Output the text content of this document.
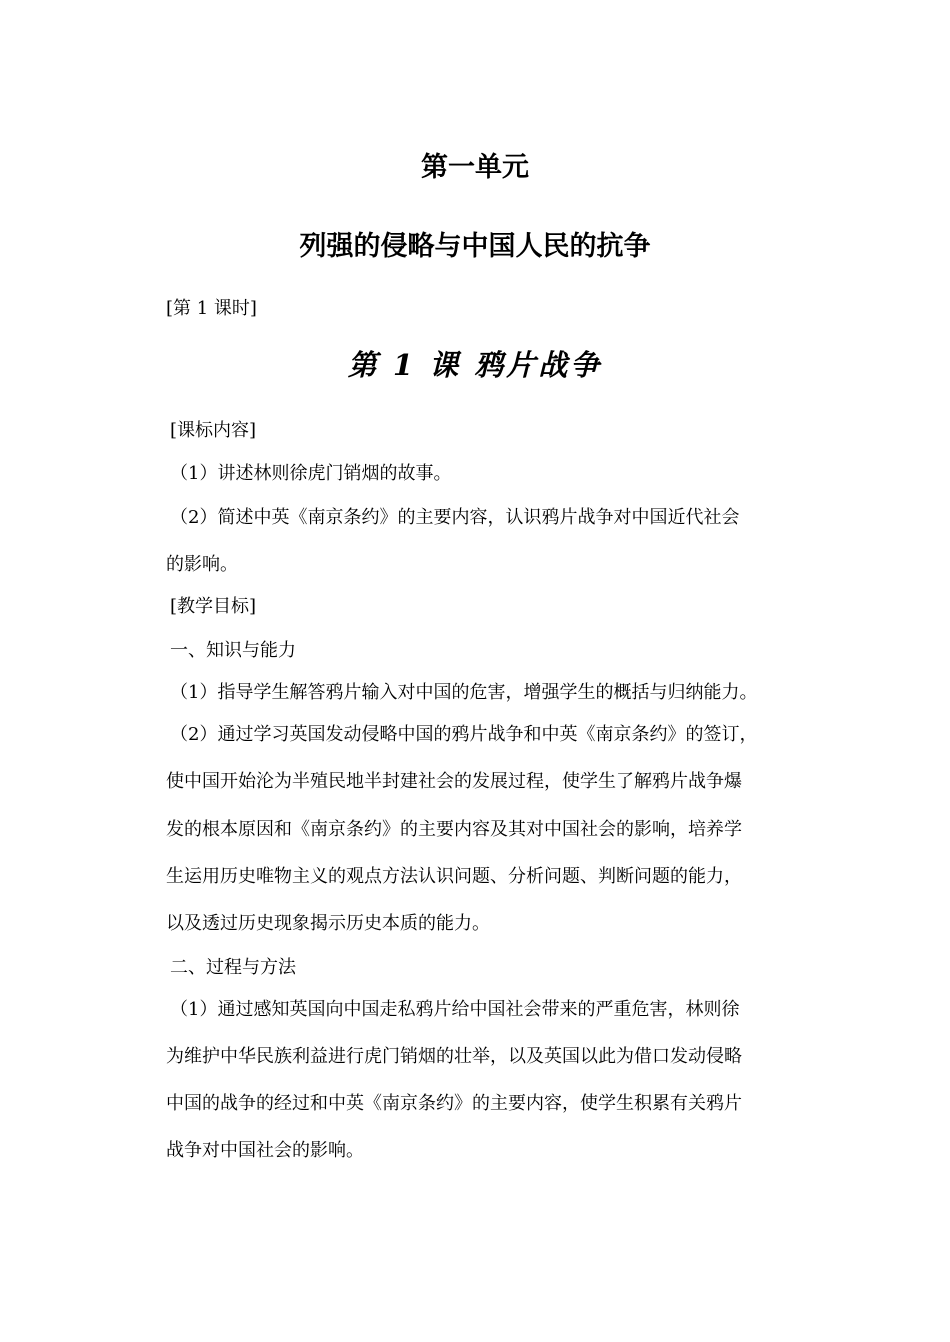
第一单元
列强的侵略与中国人民的抗争
[第 1 课时]
第 1 课 鸦片战争
[课标内容]
（1）讲述林则徐虎门销烟的故事。
（2）简述中英《南京条约》的主要内容，认识鸦片战争对中国近代社会
的影响。
[教学目标]
一、知识与能力
（1）指导学生解答鸦片输入对中国的危害，增强学生的概括与归纳能力。
（2）通过学习英国发动侵略中国的鸦片战争和中英《南京条约》的签订，
使中国开始沦为半殖民地半封建社会的发展过程，使学生了解鸦片战争爆
发的根本原因和《南京条约》的主要内容及其对中国社会的影响，培养学
生运用历史唯物主义的观点方法认识问题、分析问题、判断问题的能力，
以及透过历史现象揭示历史本质的能力。
二、过程与方法
（1）通过感知英国向中国走私鸦片给中国社会带来的严重危害，林则徐
为维护中华民族利益进行虎门销烟的壮举，以及英国以此为借口发动侵略
中国的战争的经过和中英《南京条约》的主要内容，使学生积累有关鸦片
战争对中国社会的影响。
